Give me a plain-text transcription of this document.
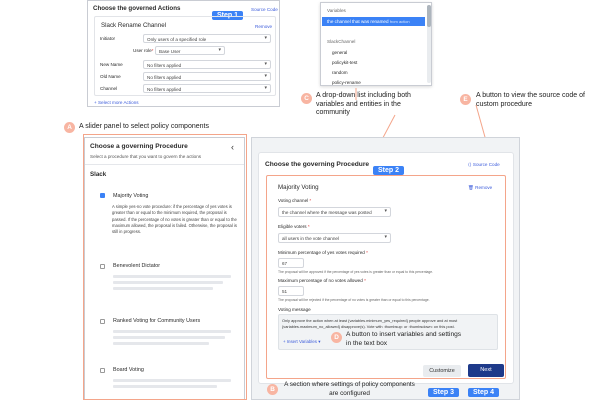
Choose the governed Actions
Step 1
Source Code
Slack Rename Channel	Remove
Initiator	Only users of a specified role	▾
User role*	Base User	▾
New Name	No filters applied	▾
Old Name	No filters applied	▾
Channel	No filters applied	▾
+ Select more Actions
Variables
the channel that was renamed from action
SlackChannel
general
policykit-test
random
policy-rename
C	A drop-down list including both variables and entities in the community
E
A button to view the source code of custom procedure
A	A slider panel to select policy components
Choose a governing Procedure	‹
Select a procedure that you want to govern the actions
Slack
Majority Voting
A simple yes-no vote procedure: if the percentage of yes votes is greater than or equal to the minimum required, the proposal is passed. If the percentage of no votes is greater than or equal to the maximum allowed, the proposal is failed. Otherwise, the proposal is still in progress.
Benevolent Dictator
Ranked Voting for Community Users
Board Voting
Choose the governing Procedure
Step 2
⟨⟩ Source Code
Majority Voting	🗑 Remove
Voting channel *
the channel where the message was posted	▾
Eligible voters *
all users in the vote channel	▾
Minimum percentage of yes votes required *
67
The proposal will be approved if the percentage of yes votes is greater than or equal to this percentage.
Maximum percentage of no votes allowed *
51
The proposal will be rejected if the percentage of no votes is greater than or equal to this percentage.
Voting message
Only approve the action when at least {variables.minimum_yes_required} people approve and at most {variables.maximum_no_allowed} disapprove(s). Vote with :thumbsup: or :thumbsdown: on this post.
+ Insert Variables ▾
D	A button to insert variables and settings in the text box
B
A section where settings of policy components are configured
Customize	Next
Step 3	Step 4
